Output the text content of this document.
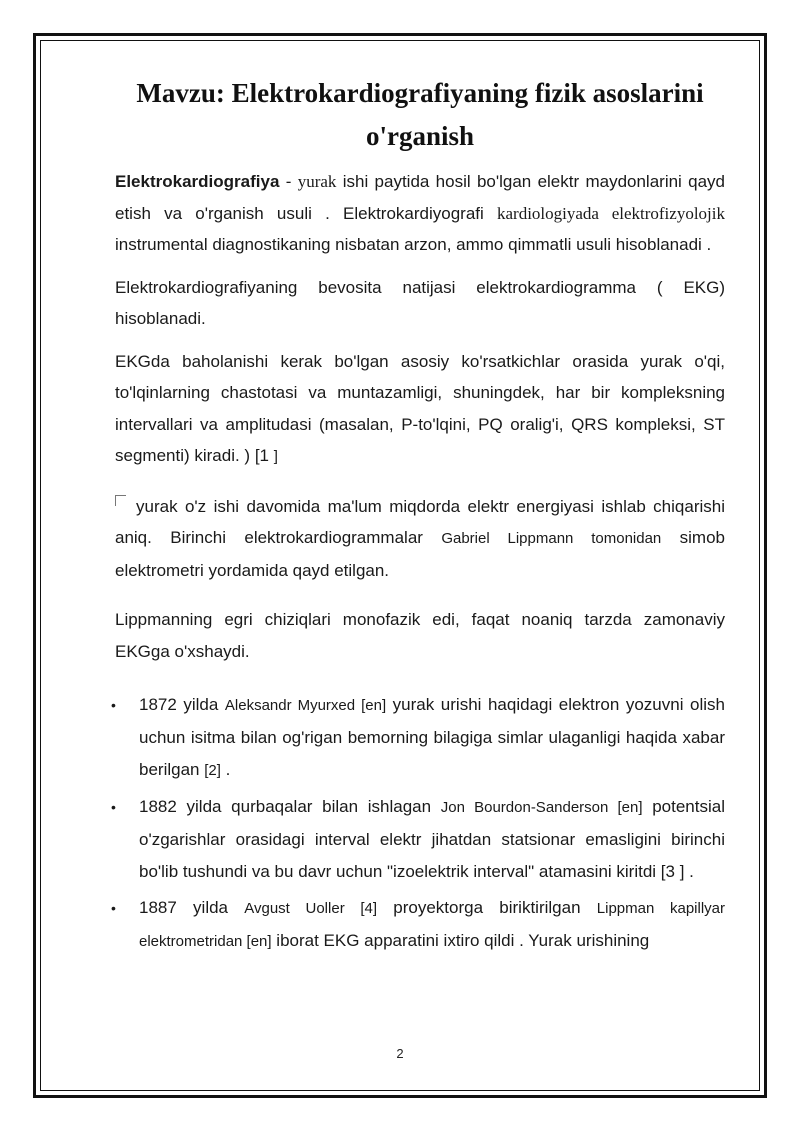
Mavzu: Elektrokardiografiyaning fizik asoslarini o'rganish

Elektrokardiografiya - yurak ishi paytida hosil bo'lgan elektr maydonlarini qayd etish va o'rganish usuli . Elektrokardiyografi kardiologiyada elektrofizyolojik instrumental diagnostikaning nisbatan arzon, ammo qimmatli usuli hisoblanadi .

Elektrokardiografiyaning bevosita natijasi elektrokardiogramma ( EKG) hisoblanadi.

EKGda baholanishi kerak bo'lgan asosiy ko'rsatkichlar orasida yurak o'qi, to'lqinlarning chastotasi va muntazamligi, shuningdek, har bir kompleksning intervallari va amplitudasi (masalan, P-to'lqini, PQ oralig'i, QRS kompleksi, ST segmenti) kiradi. ) [1 ]

yurak o'z ishi davomida ma'lum miqdorda elektr energiyasi ishlab chiqarishi aniq. Birinchi elektrokardiogrammalar Gabriel Lippmann tomonidan simob elektrometri yordamida qayd etilgan.

Lippmanning egri chiziqlari monofazik edi, faqat noaniq tarzda zamonaviy EKGga o'xshaydi.

• 1872 yilda Aleksandr Myurxed [en] yurak urishi haqidagi elektron yozuvni olish uchun isitma bilan og'rigan bemorning bilagiga simlar ulaganligi haqida xabar berilgan [2] .
• 1882 yilda qurbaqalar bilan ishlagan Jon Bourdon-Sanderson [en] potentsial o'zgarishlar orasidagi interval elektr jihatdan statsionar emasligini birinchi bo'lib tushundi va bu davr uchun "izoelektrik interval" atamasini kiritdi [3 ] .
• 1887 yilda Avgust Uoller [4] proyektorga biriktirilgan Lippman kapillyar elektrometridan [en] iborat EKG apparatini ixtiro qildi . Yurak urishining
2
